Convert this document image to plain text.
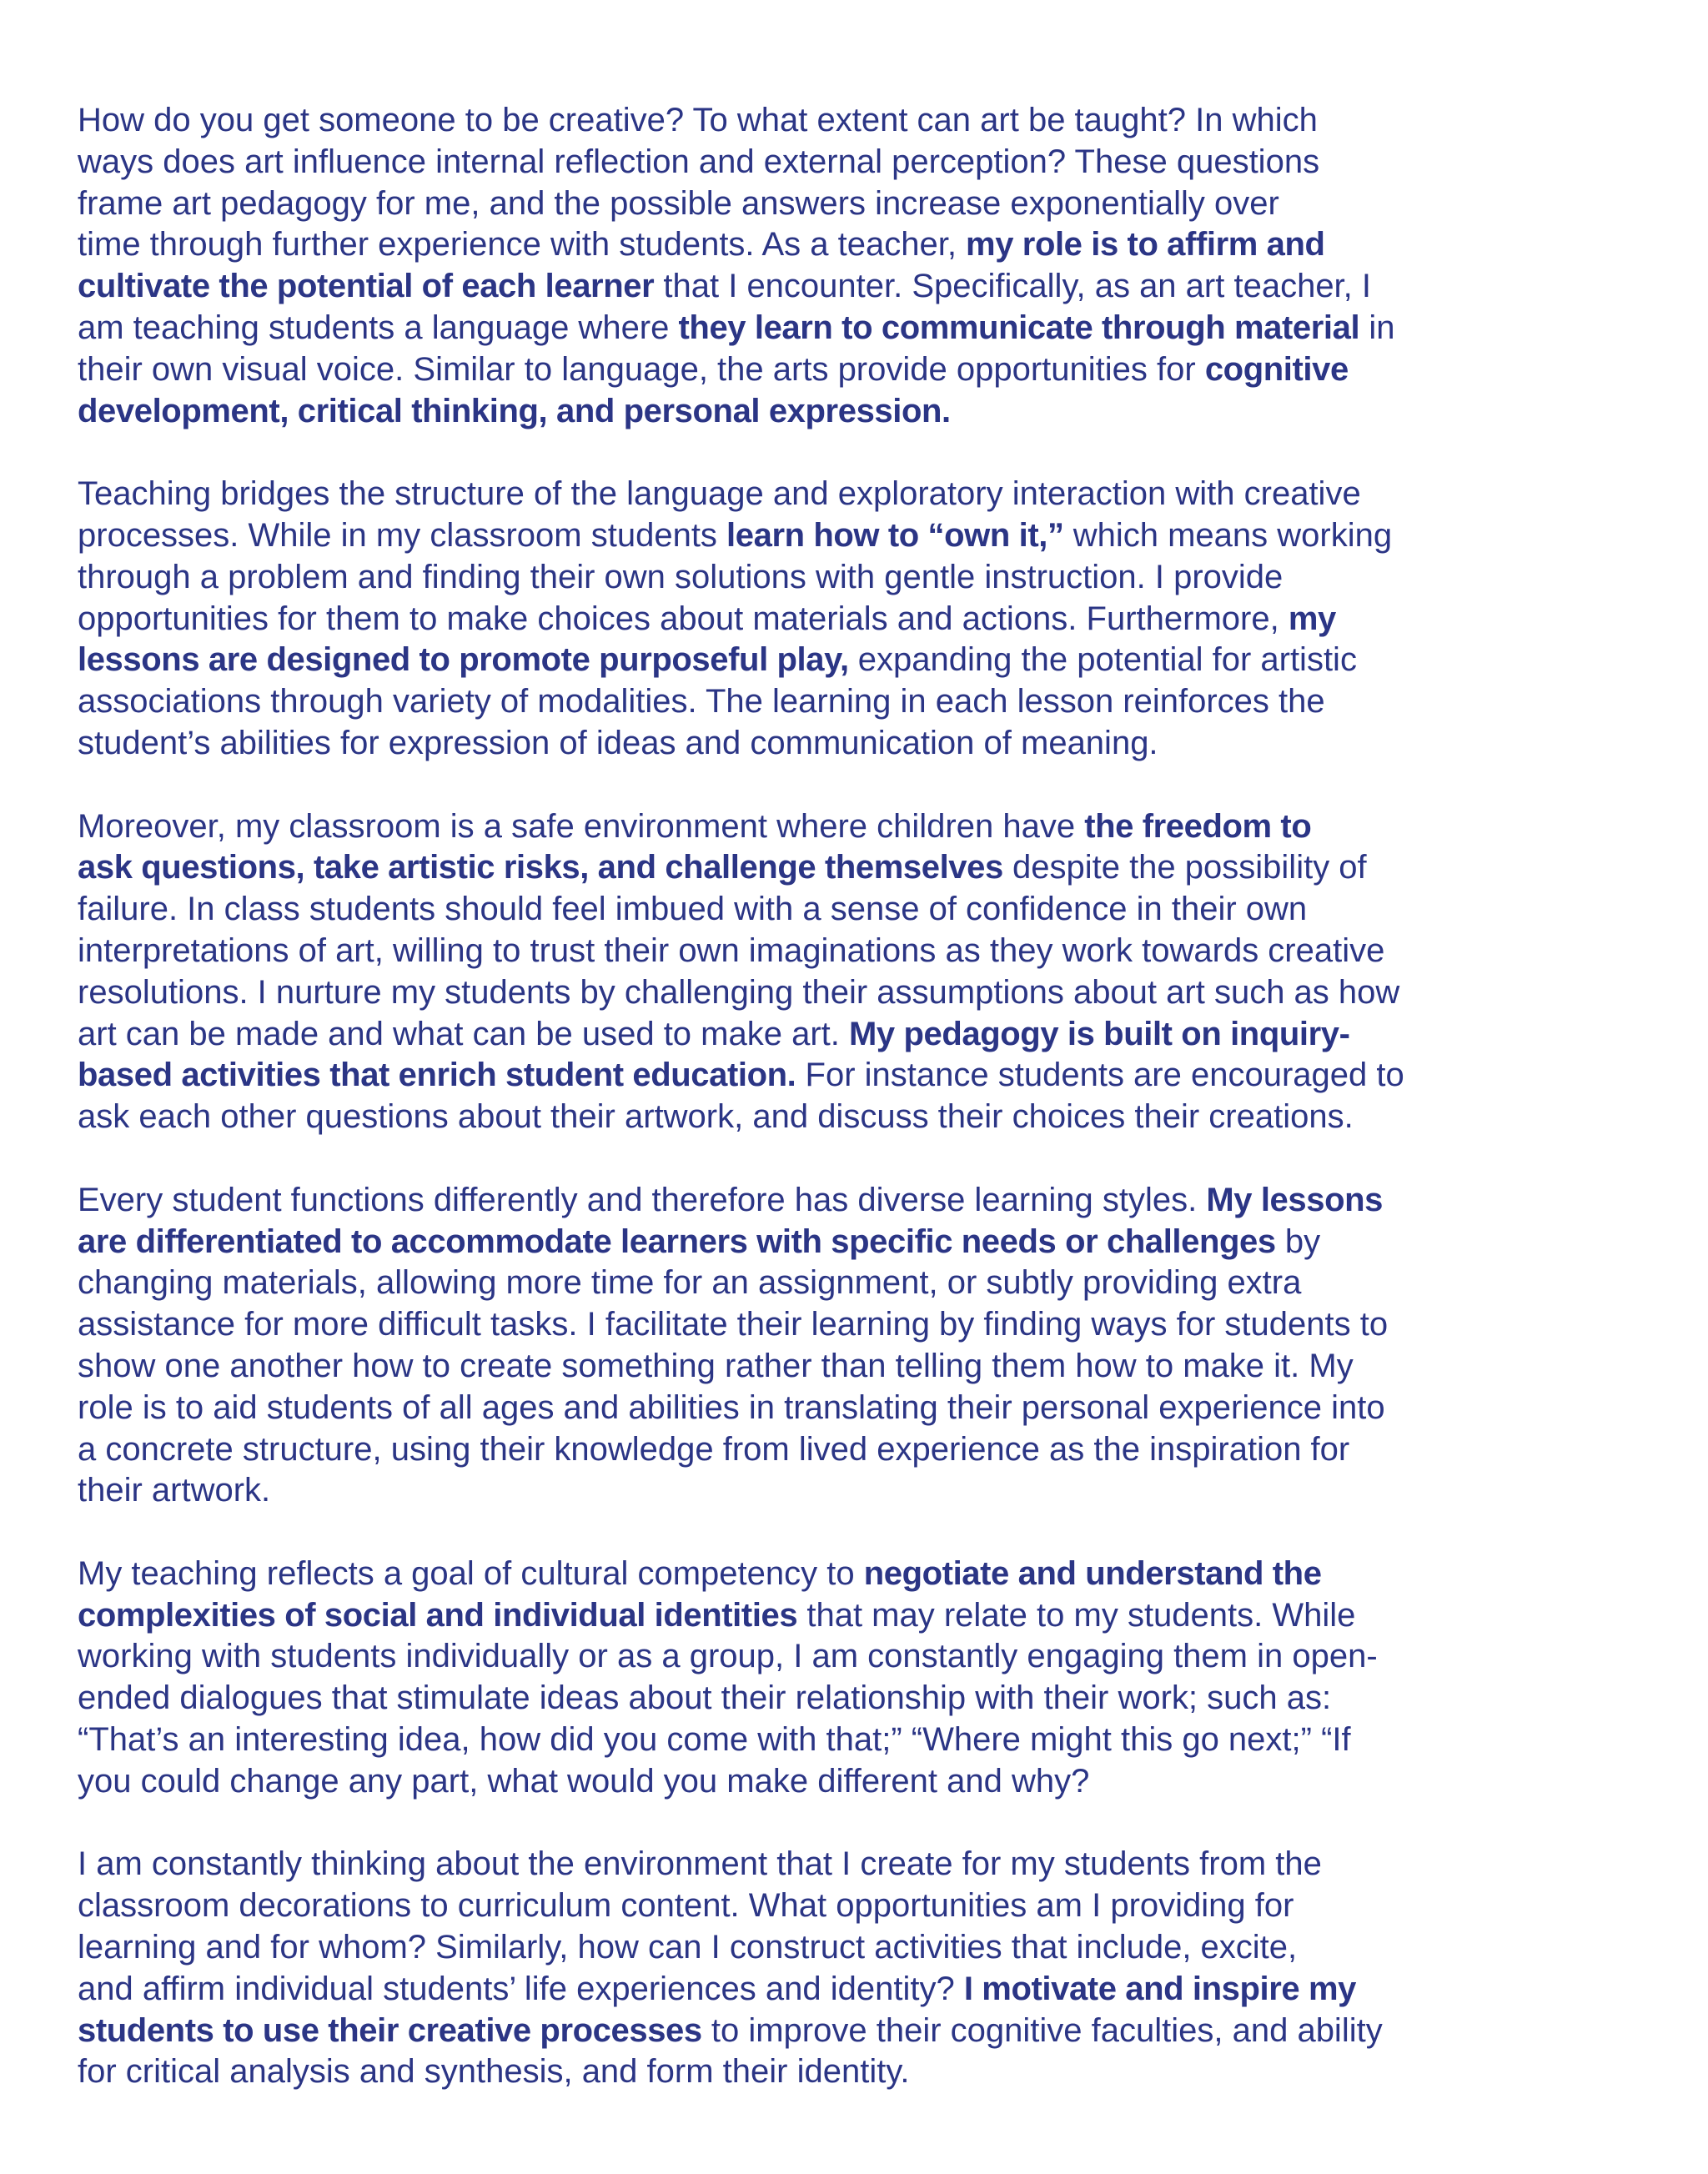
How do you get someone to be creative? To what extent can art be taught? In which
ways does art influence internal reflection and external perception? These questions
frame art pedagogy for me, and the possible answers increase exponentially over
time through further experience with students. As a teacher, my role is to affirm and
cultivate the potential of each learner that I encounter. Specifically, as an art teacher, I
am teaching students a language where they learn to communicate through material in
their own visual voice. Similar to language, the arts provide opportunities for cognitive
development, critical thinking, and personal expression.
Teaching bridges the structure of the language and exploratory interaction with creative
processes. While in my classroom students learn how to “own it,” which means working
through a problem and finding their own solutions with gentle instruction. I provide
opportunities for them to make choices about materials and actions. Furthermore, my
lessons are designed to promote purposeful play, expanding the potential for artistic
associations through variety of modalities. The learning in each lesson reinforces the
student’s abilities for expression of ideas and communication of meaning.
Moreover, my classroom is a safe environment where children have the freedom to
ask questions, take artistic risks, and challenge themselves despite the possibility of
failure. In class students should feel imbued with a sense of confidence in their own
interpretations of art, willing to trust their own imaginations as they work towards creative
resolutions. I nurture my students by challenging their assumptions about art such as how
art can be made and what can be used to make art. My pedagogy is built on inquiry-
based activities that enrich student education. For instance students are encouraged to
ask each other questions about their artwork, and discuss their choices their creations.
Every student functions differently and therefore has diverse learning styles. My lessons
are differentiated to accommodate learners with specific needs or challenges by
changing materials, allowing more time for an assignment, or subtly providing extra
assistance for more difficult tasks. I facilitate their learning by finding ways for students to
show one another how to create something rather than telling them how to make it. My
role is to aid students of all ages and abilities in translating their personal experience into
a concrete structure, using their knowledge from lived experience as the inspiration for
their artwork.
My teaching reflects a goal of cultural competency to negotiate and understand the
complexities of social and individual identities that may relate to my students. While
working with students individually or as a group, I am constantly engaging them in open-
ended dialogues that stimulate ideas about their relationship with their work; such as:
“That’s an interesting idea, how did you come with that;” “Where might this go next;” “If
you could change any part, what would you make different and why?
I am constantly thinking about the environment that I create for my students from the
classroom decorations to curriculum content. What opportunities am I providing for
learning and for whom? Similarly, how can I construct activities that include, excite,
and affirm individual students’ life experiences and identity? I motivate and inspire my
students to use their creative processes to improve their cognitive faculties, and ability
for critical analysis and synthesis, and form their identity.
